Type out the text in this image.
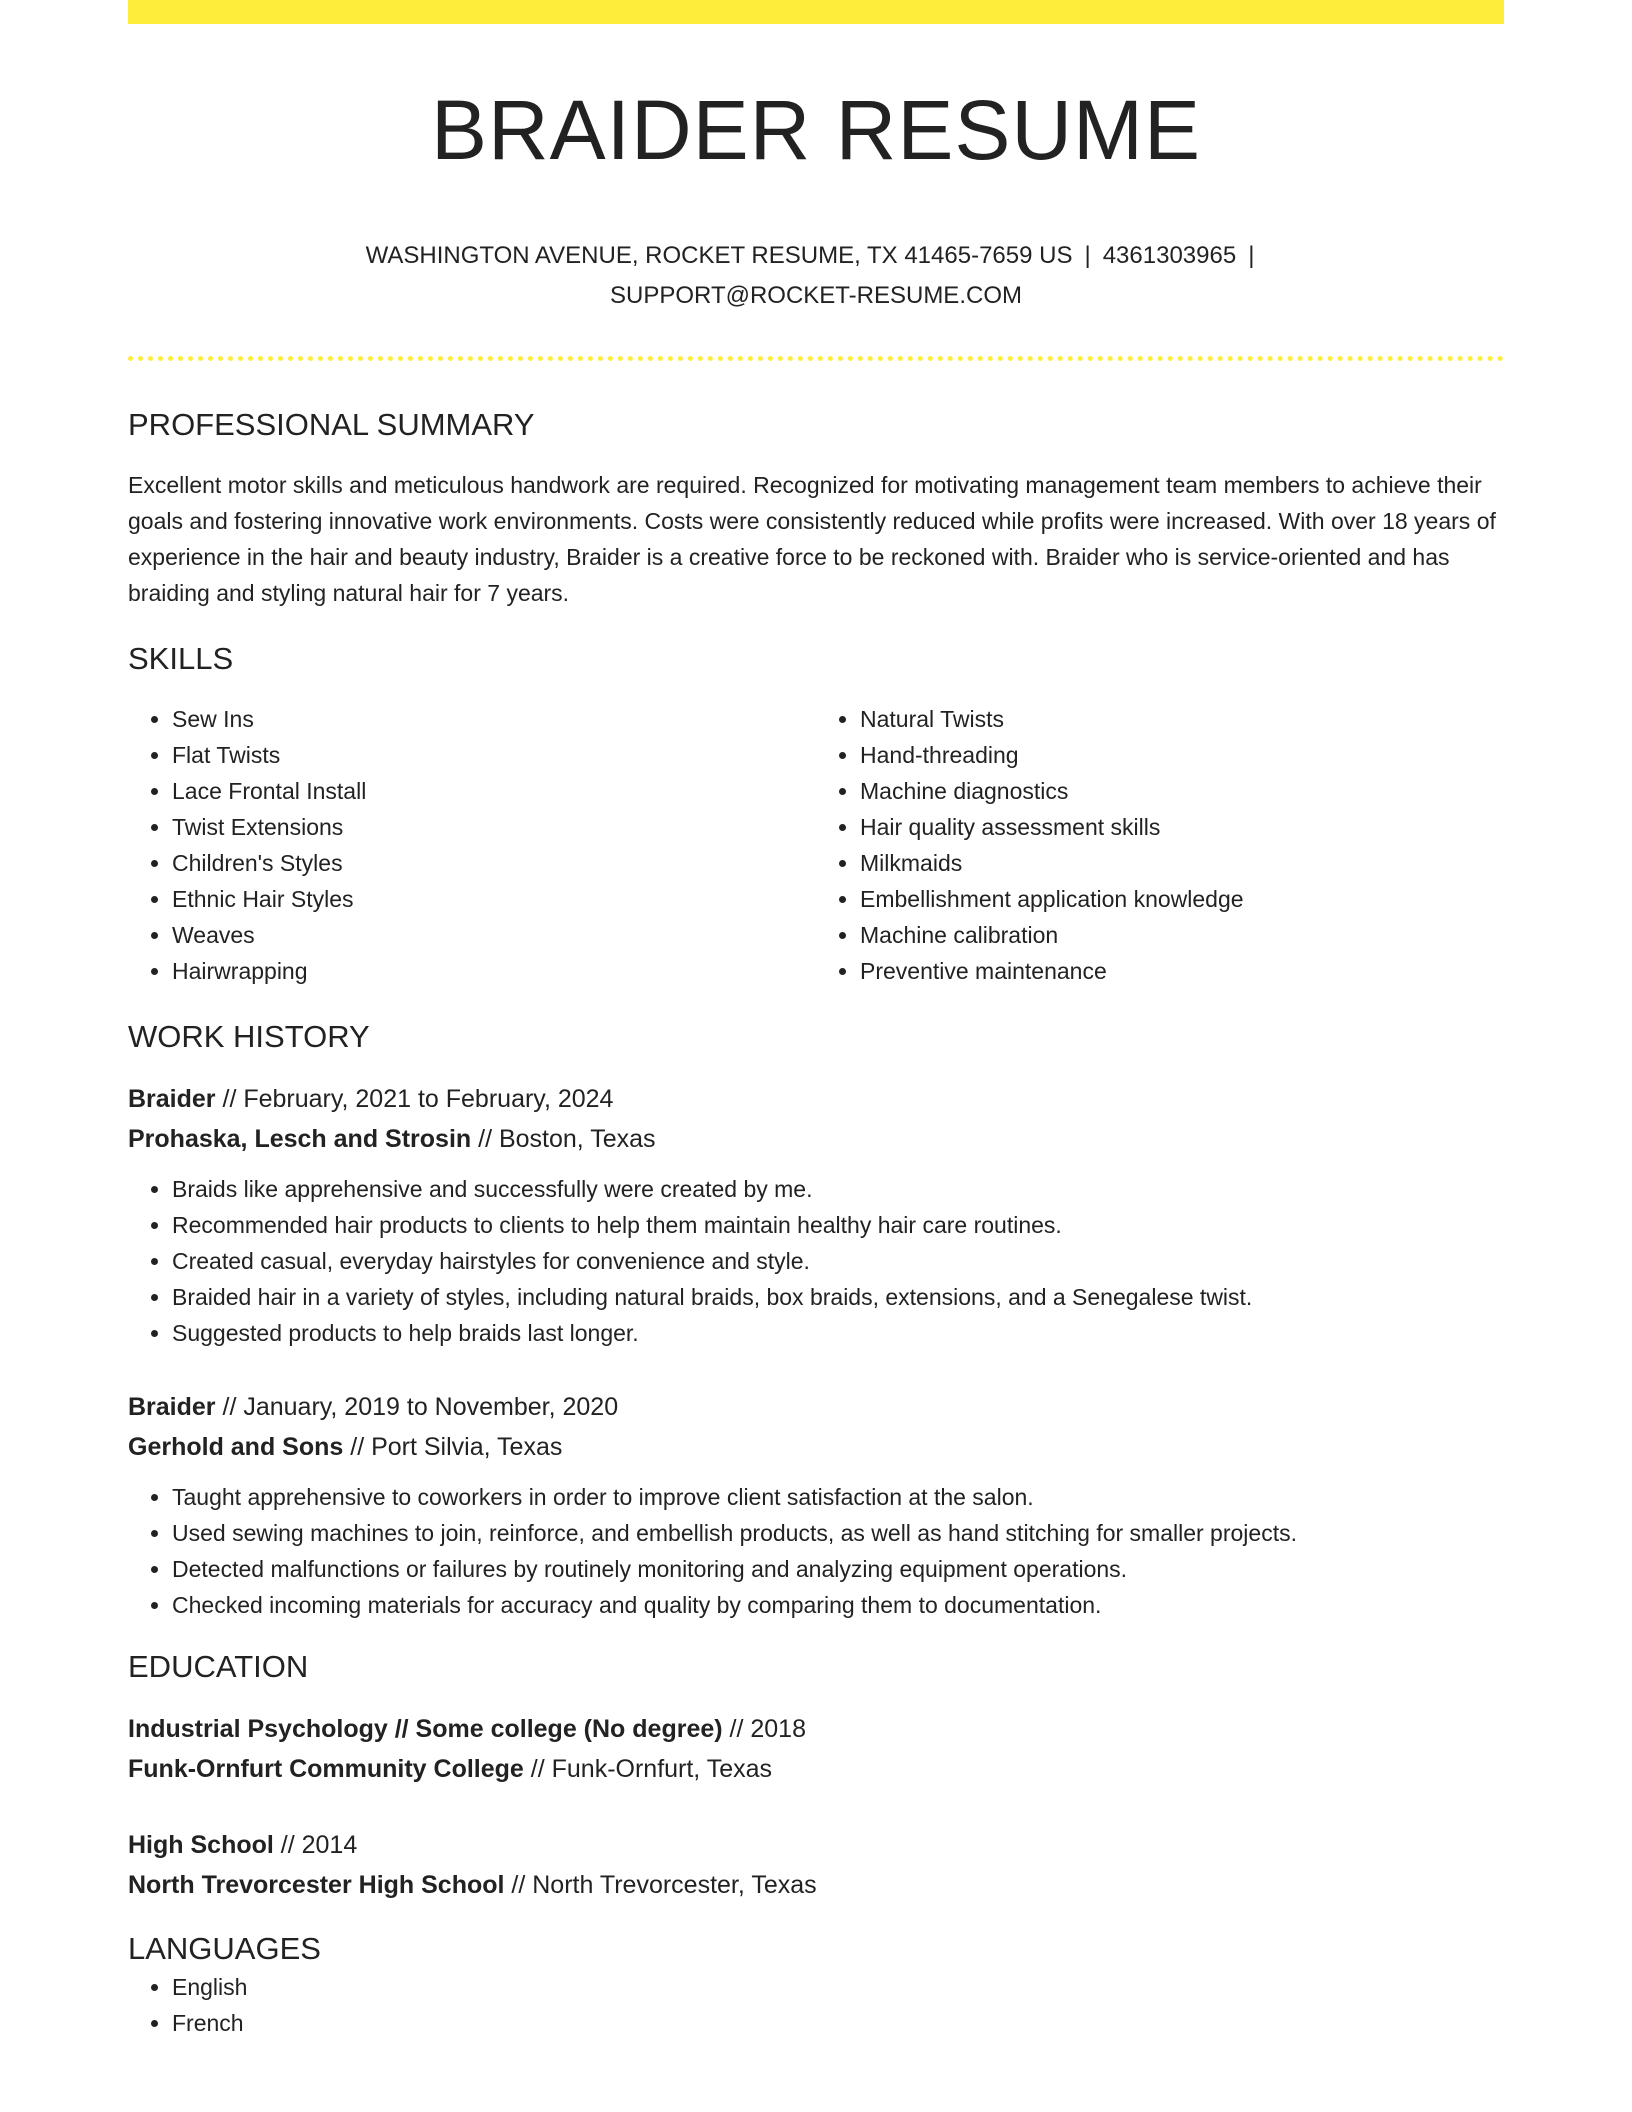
BRAIDER RESUME
WASHINGTON AVENUE, ROCKET RESUME, TX 41465-7659 US | 4361303965 |
SUPPORT@ROCKET-RESUME.COM
PROFESSIONAL SUMMARY

Excellent motor skills and meticulous handwork are required. Recognized for motivating management team members to achieve their goals and fostering innovative work environments. Costs were consistently reduced while profits were increased. With over 18 years of experience in the hair and beauty industry, Braider is a creative force to be reckoned with. Braider who is service-oriented and has braiding and styling natural hair for 7 years.

SKILLS
• Sew Ins
• Flat Twists
• Lace Frontal Install
• Twist Extensions
• Children's Styles
• Ethnic Hair Styles
• Weaves
• Hairwrapping
• Natural Twists
• Hand-threading
• Machine diagnostics
• Hair quality assessment skills
• Milkmaids
• Embellishment application knowledge
• Machine calibration
• Preventive maintenance
WORK HISTORY
Braider // February, 2021 to February, 2024
Prohaska, Lesch and Strosin // Boston, Texas
• Braids like apprehensive and successfully were created by me.
• Recommended hair products to clients to help them maintain healthy hair care routines.
• Created casual, everyday hairstyles for convenience and style.
• Braided hair in a variety of styles, including natural braids, box braids, extensions, and a Senegalese twist.
• Suggested products to help braids last longer.
Braider // January, 2019 to November, 2020
Gerhold and Sons // Port Silvia, Texas
• Taught apprehensive to coworkers in order to improve client satisfaction at the salon.
• Used sewing machines to join, reinforce, and embellish products, as well as hand stitching for smaller projects.
• Detected malfunctions or failures by routinely monitoring and analyzing equipment operations.
• Checked incoming materials for accuracy and quality by comparing them to documentation.
EDUCATION
Industrial Psychology // Some college (No degree) // 2018
Funk-Ornfurt Community College // Funk-Ornfurt, Texas
High School // 2014
North Trevorcester High School // North Trevorcester, Texas
LANGUAGES
• English
• French
